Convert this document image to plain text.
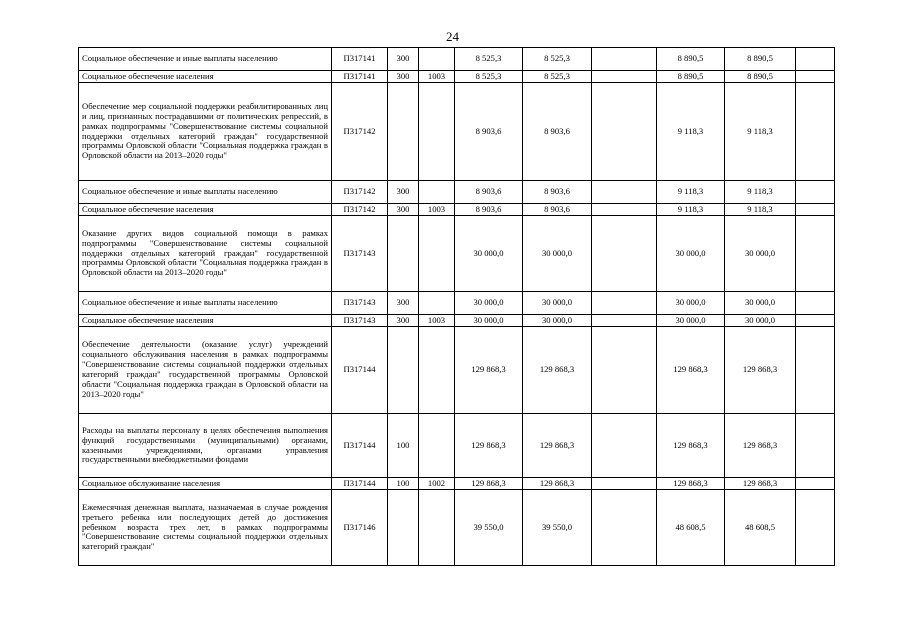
24
Социальное обеспечение и иные выплаты населению	П317141	300		8 525,3	8 525,3		8 890,5	8 890,5	
Социальное обеспечение населения	П317141	300	1003	8 525,3	8 525,3		8 890,5	8 890,5	
Обеспечение мер социальной поддержки реабилитированных лиц и лиц, признанных пострадавшими от политических репрессий, в рамках подпрограммы "Совершенствование системы социальной поддержки отдельных категорий граждан" государственной программы Орловской области "Социальная поддержка граждан в Орловской области на 2013–2020 годы"	П317142			8 903,6	8 903,6		9 118,3	9 118,3	
Социальное обеспечение и иные выплаты населению	П317142	300		8 903,6	8 903,6		9 118,3	9 118,3	
Социальное обеспечение населения	П317142	300	1003	8 903,6	8 903,6		9 118,3	9 118,3	
Оказание других видов социальной помощи в рамках подпрограммы "Совершенствование системы социальной поддержки отдельных категорий граждан" государственной программы Орловской области "Социальная поддержка граждан в Орловской области на 2013–2020 годы"	П317143			30 000,0	30 000,0		30 000,0	30 000,0	
Социальное обеспечение и иные выплаты населению	П317143	300		30 000,0	30 000,0		30 000,0	30 000,0	
Социальное обеспечение населения	П317143	300	1003	30 000,0	30 000,0		30 000,0	30 000,0	
Обеспечение деятельности (оказание услуг) учреждений социального обслуживания населения в рамках подпрограммы "Совершенствование системы социальной поддержки отдельных категорий граждан" государственной программы Орловской области "Социальная поддержка граждан в Орловской области на 2013–2020 годы"	П317144			129 868,3	129 868,3		129 868,3	129 868,3	
Расходы на выплаты персоналу в целях обеспечения выполнения функций государственными (муниципальными) органами, казенными учреждениями, органами управления государственными внебюджетными фондами	П317144	100		129 868,3	129 868,3		129 868,3	129 868,3	
Социальное обслуживание населения	П317144	100	1002	129 868,3	129 868,3		129 868,3	129 868,3	
Ежемесячная денежная выплата, назначаемая в случае рождения третьего ребенка или последующих детей до достижения ребенком возраста трех лет, в рамках подпрограммы "Совершенствование системы социальной поддержки отдельных категорий граждан"	П317146			39 550,0	39 550,0		48 608,5	48 608,5	
